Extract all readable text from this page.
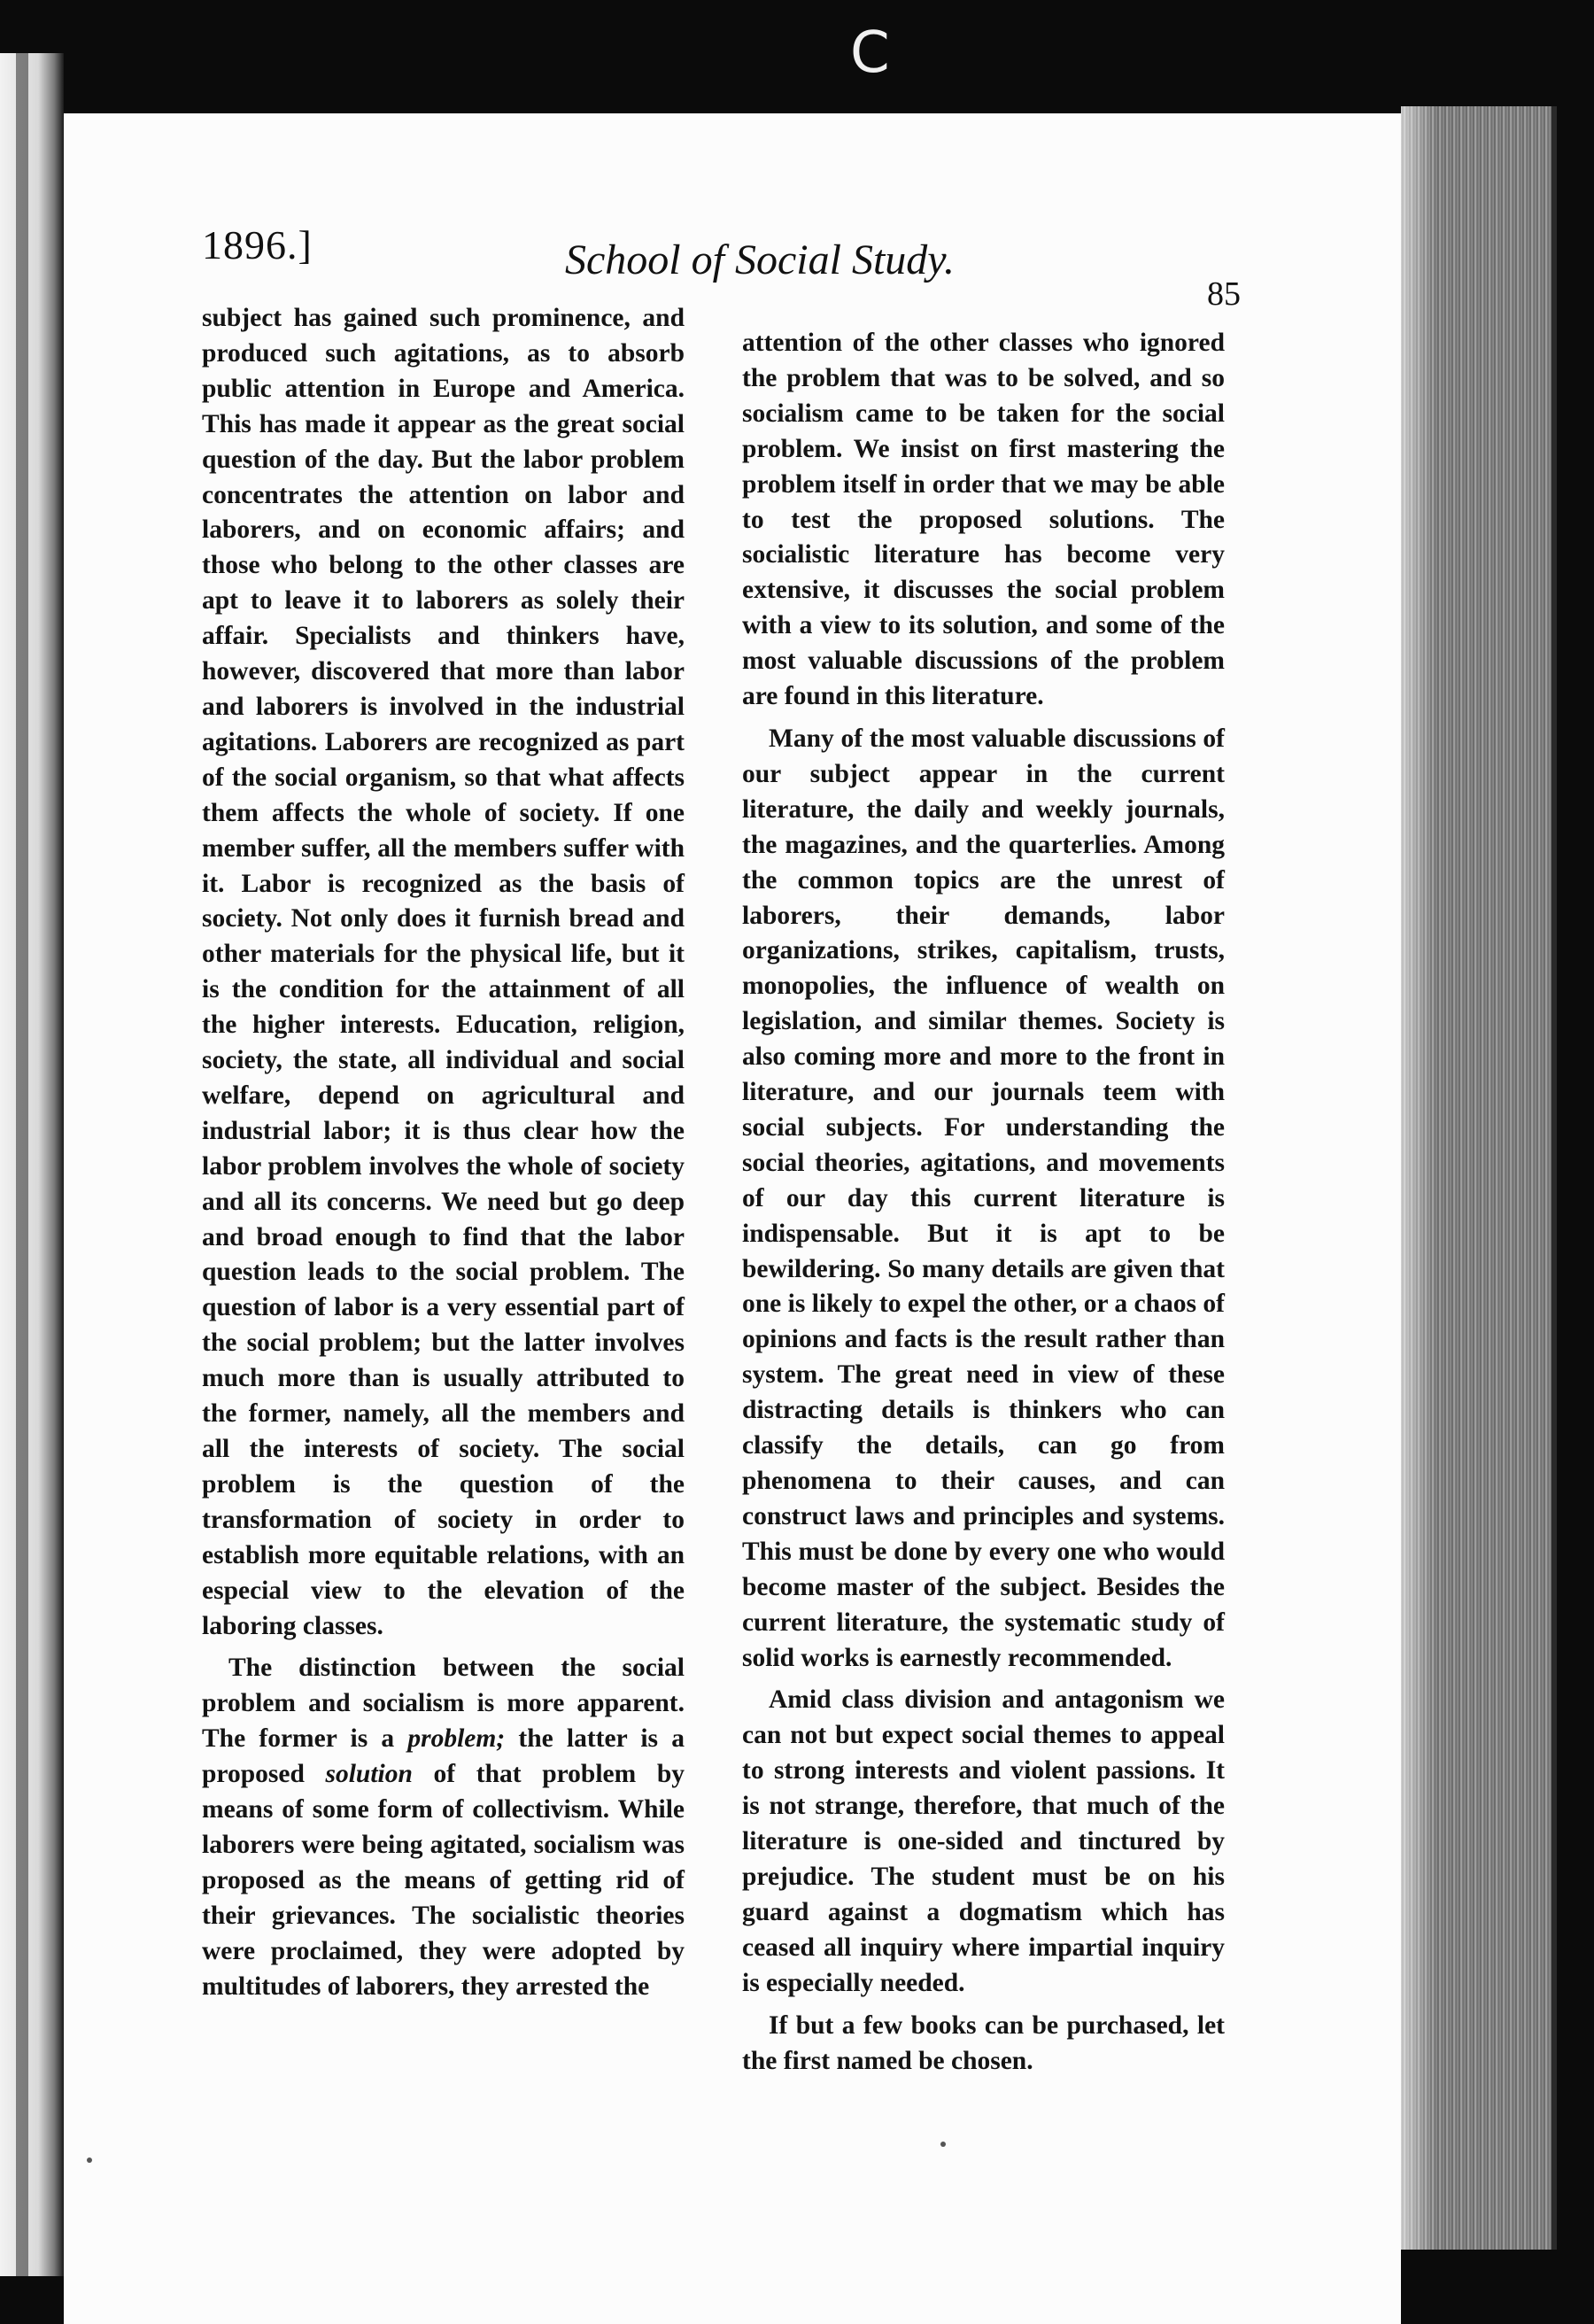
C
1896.]	School of Social Study.
85

subject has gained such prominence, and produced such agitations, as to absorb public attention in Europe and America. This has made it appear as the great social question of the day. But the labor problem concentrates the attention on labor and laborers, and on economic affairs; and those who belong to the other classes are apt to leave it to laborers as solely their affair. Specialists and thinkers have, however, discovered that more than labor and laborers is involved in the industrial agitations. Laborers are recognized as part of the social organism, so that what affects them affects the whole of society. If one member suffer, all the members suffer with it. Labor is recognized as the basis of society. Not only does it furnish bread and other materials for the physical life, but it is the condition for the attainment of all the higher interests. Education, religion, society, the state, all individual and social welfare, depend on agricultural and industrial labor; it is thus clear how the labor problem involves the whole of society and all its concerns. We need but go deep and broad enough to find that the labor question leads to the social problem. The question of labor is a very essential part of the social problem; but the latter involves much more than is usually attributed to the former, namely, all the members and all the interests of society. The social problem is the question of the transformation of society in order to establish more equitable relations, with an especial view to the elevation of the laboring classes.

The distinction between the social problem and socialism is more apparent. The former is a problem; the latter is a proposed solution of that problem by means of some form of collectivism. While laborers were being agitated, socialism was proposed as the means of getting rid of their grievances. The socialistic theories were proclaimed, they were adopted by multitudes of laborers, they arrested the

attention of the other classes who ignored the problem that was to be solved, and so socialism came to be taken for the social problem. We insist on first mastering the problem itself in order that we may be able to test the proposed solutions. The socialistic literature has become very extensive, it discusses the social problem with a view to its solution, and some of the most valuable discussions of the problem are found in this literature.

Many of the most valuable discussions of our subject appear in the current literature, the daily and weekly journals, the magazines, and the quarterlies. Among the common topics are the unrest of laborers, their demands, labor organizations, strikes, capitalism, trusts, monopolies, the influence of wealth on legislation, and similar themes. Society is also coming more and more to the front in literature, and our journals teem with social subjects. For understanding the social theories, agitations, and movements of our day this current literature is indispensable. But it is apt to be bewildering. So many details are given that one is likely to expel the other, or a chaos of opinions and facts is the result rather than system. The great need in view of these distracting details is thinkers who can classify the details, can go from phenomena to their causes, and can construct laws and principles and systems. This must be done by every one who would become master of the subject. Besides the current literature, the systematic study of solid works is earnestly recommended.

Amid class division and antagonism we can not but expect social themes to appeal to strong interests and violent passions. It is not strange, therefore, that much of the literature is one-sided and tinctured by prejudice. The student must be on his guard against a dogmatism which has ceased all inquiry where impartial inquiry is especially needed.

If but a few books can be purchased, let the first named be chosen.
